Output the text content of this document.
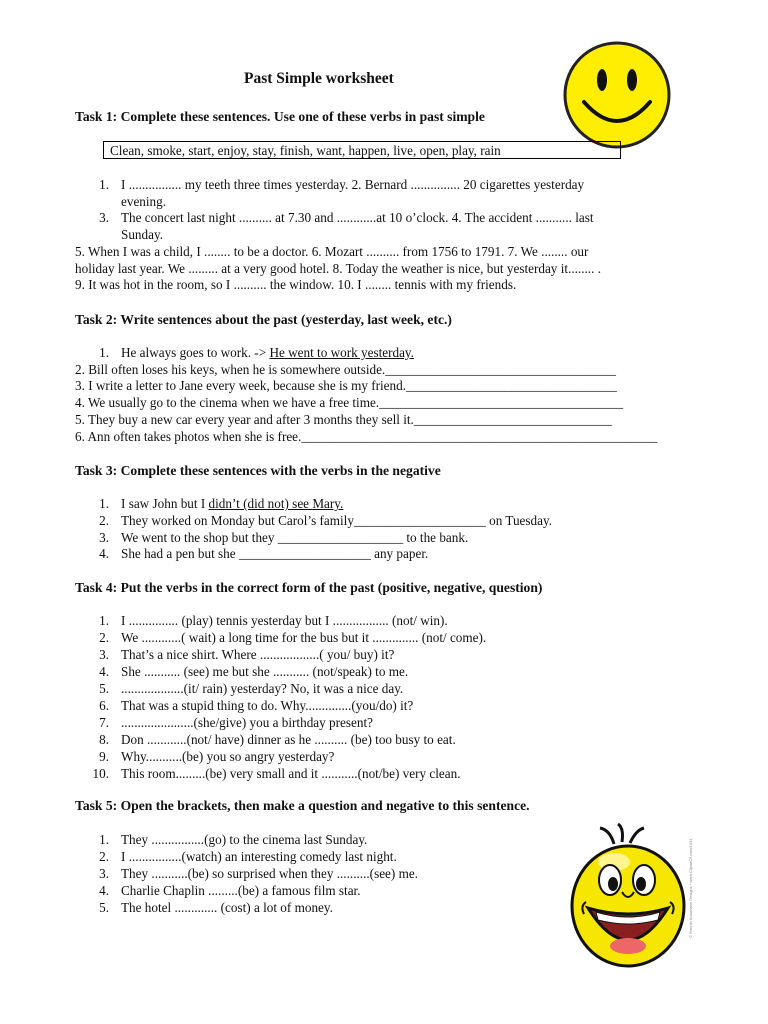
Past Simple worksheet
Task 1: Complete these sentences. Use one of these verbs in past simple
Clean, smoke, start, enjoy, stay, finish, want, happen, live, open, play, rain
1. I ................ my teeth three times yesterday. 2. Bernard ............... 20 cigarettes yesterday
evening.
3. The concert last night .......... at 7.30 and ............at 10 o’clock. 4. The accident ........... last
Sunday.
5. When I was a child, I ........ to be a doctor. 6. Mozart .......... from 1756 to 1791. 7. We ........ our
holiday last year. We ......... at a very good hotel. 8. Today the weather is nice, but yesterday it........ .
9. It was hot in the room, so I .......... the window. 10. I ........ tennis with my friends.
Task 2: Write sentences about the past (yesterday, last week, etc.)
1. He always goes to work. -> He went to work yesterday.
2. Bill often loses his keys, when he is somewhere outside.___________________________________
3. I write a letter to Jane every week, because she is my friend.________________________________
4. We usually go to the cinema when we have a free time._____________________________________
5. They buy a new car every year and after 3 months they sell it.______________________________
6. Ann often takes photos when she is free.______________________________________________________
Task 3: Complete these sentences with the verbs in the negative
1. I saw John but I didn’t (did not) see Mary.
2. They worked on Monday but Carol’s family____________________ on Tuesday.
3. We went to the shop but they ___________________ to the bank.
4. She had a pen but she ____________________ any paper.
Task 4: Put the verbs in the correct form of the past (positive, negative, question)
1. I ............... (play) tennis yesterday but I ................. (not/ win).
2. We ............( wait) a long time for the bus but it .............. (not/ come).
3. That’s a nice shirt. Where ..................( you/ buy) it?
4. She ........... (see) me but she ........... (not/speak) to me.
5. ...................(it/ rain) yesterday? No, it was a nice day.
6. That was a stupid thing to do. Why..............(you/do) it?
7. ......................(she/give) you a birthday present?
8. Don ............(not/ have) dinner as he .......... (be) too busy to eat.
9. Why...........(be) you so angry yesterday?
10. This room.........(be) very small and it ...........(not/be) very clean.
Task 5: Open the brackets, then make a question and negative to this sentence.
1. They ................(go) to the cinema last Sunday.
2. I ................(watch) an interesting comedy last night.
3. They ...........(be) so surprised when they ..........(see) me.
4. Charlie Chaplin .........(be) a famous film star.
5. The hotel ............. (cost) a lot of money.	© Ronnie Krüsmann Designs * www.ClipartOf.com/1034
